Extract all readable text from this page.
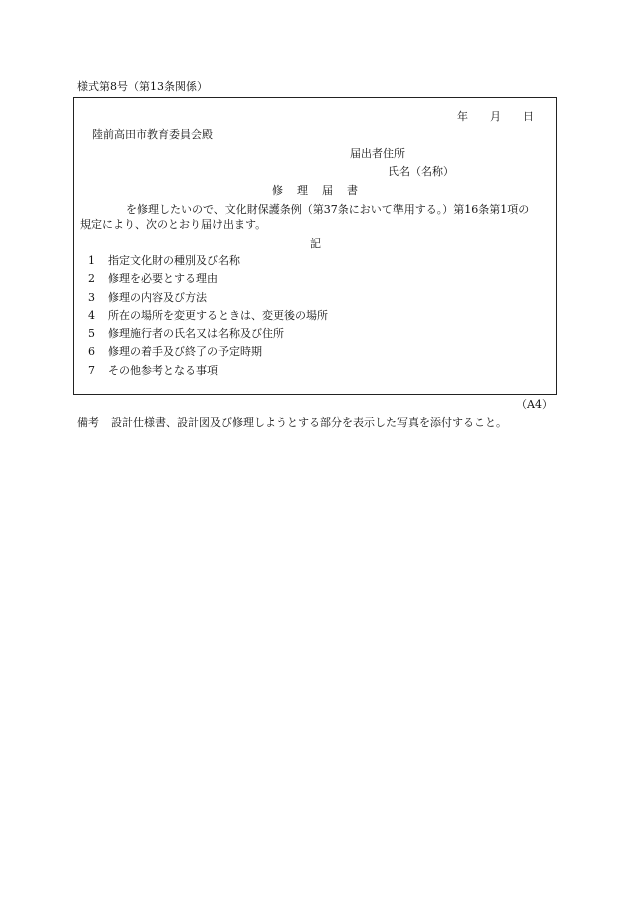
様式第8号（第13条関係）
年 月 日
陸前高田市教育委員会殿
届出者住所
氏名（名称）
修 理 届 書
を修理したいので、文化財保護条例（第37条において準用する。）第16条第1項の
規定により、次のとおり届け出ます。
記
1 指定文化財の種別及び名称
2 修理を必要とする理由
3 修理の内容及び方法
4 所在の場所を変更するときは、変更後の場所
5 修理施行者の氏名又は名称及び住所
6 修理の着手及び終了の予定時期
7 その他参考となる事項
（A4）
備考 設計仕様書、設計図及び修理しようとする部分を表示した写真を添付すること。
